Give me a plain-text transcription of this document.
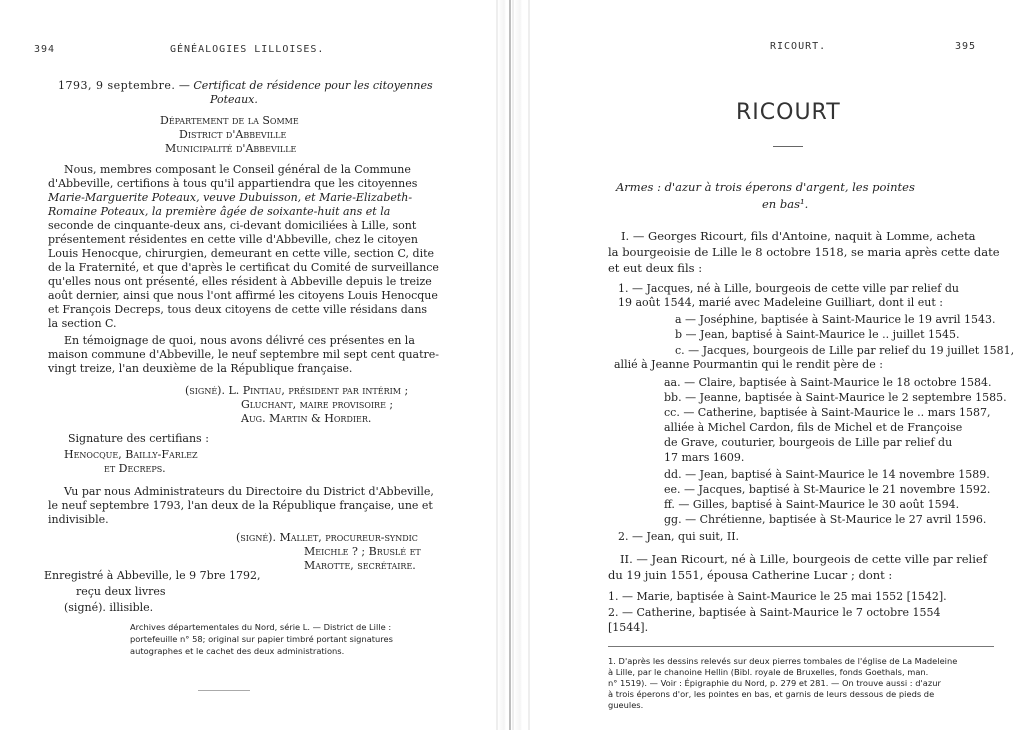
394	GÉNÉALOGIES LILLOISES.
1793, 9 septembre. — Certificat de résidence pour les citoyennes
Poteaux.
Département de la Somme
District d'Abbeville
Municipalité d'Abbeville
Nous, membres composant le Conseil général de la Commune
d'Abbeville, certifions à tous qu'il appartiendra que les citoyennes
Marie-Marguerite Poteaux, veuve Dubuisson, et Marie-Elizabeth-
Romaine Poteaux, la première âgée de soixante-huit ans et la
seconde de cinquante-deux ans, ci-devant domiciliées à Lille, sont
présentement résidentes en cette ville d'Abbeville, chez le citoyen
Louis Henocque, chirurgien, demeurant en cette ville, section C, dite
de la Fraternité, et que d'après le certificat du Comité de surveillance
qu'elles nous ont présenté, elles résident à Abbeville depuis le treize
août dernier, ainsi que nous l'ont affirmé les citoyens Louis Henocque
et François Decreps, tous deux citoyens de cette ville résidans dans
la section C.
En témoignage de quoi, nous avons délivré ces présentes en la
maison commune d'Abbeville, le neuf septembre mil sept cent quatre-
vingt treize, l'an deuxième de la République française.
(signé). L. Pintiau, président par intérim ;
Gluchant, maire provisoire ;
Aug. Martin & Hordier.
Signature des certifians :
Henocque, Bailly-Farlez
et Decreps.
Vu par nous Administrateurs du Directoire du District d'Abbeville,
le neuf septembre 1793, l'an deux de la République française, une et
indivisible.
(signé). Mallet, procureur-syndic
Meichle ? ; Bruslé et
Marotte, secrétaire.
Enregistré à Abbeville, le 9 7bre 1792,
reçu deux livres
(signé). illisible.
Archives départementales du Nord, série L. — District de Lille :
portefeuille n° 58; original sur papier timbré portant signatures
autographes et le cachet des deux administrations.
RICOURT.	395
RICOURT
Armes : d'azur à trois éperons d'argent, les pointes
en bas¹.
I. — Georges Ricourt, fils d'Antoine, naquit à Lomme, acheta
la bourgeoisie de Lille le 8 octobre 1518, se maria après cette date
et eut deux fils :
1. — Jacques, né à Lille, bourgeois de cette ville par relief du
19 août 1544, marié avec Madeleine Guilliart, dont il eut :
a — Joséphine, baptisée à Saint-Maurice le 19 avril 1543.
b — Jean, baptisé à Saint-Maurice le .. juillet 1545.
c. — Jacques, bourgeois de Lille par relief du 19 juillet 1581,
allié à Jeanne Pourmantin qui le rendit père de :
aa. — Claire, baptisée à Saint-Maurice le 18 octobre 1584.
bb. — Jeanne, baptisée à Saint-Maurice le 2 septembre 1585.
cc. — Catherine, baptisée à Saint-Maurice le .. mars 1587,
alliée à Michel Cardon, fils de Michel et de Françoise
de Grave, couturier, bourgeois de Lille par relief du
17 mars 1609.
dd. — Jean, baptisé à Saint-Maurice le 14 novembre 1589.
ee. — Jacques, baptisé à St-Maurice le 21 novembre 1592.
ff. — Gilles, baptisé à Saint-Maurice le 30 août 1594.
gg. — Chrétienne, baptisée à St-Maurice le 27 avril 1596.
2. — Jean, qui suit, II.
II. — Jean Ricourt, né à Lille, bourgeois de cette ville par relief
du 19 juin 1551, épousa Catherine Lucar ; dont :
1. — Marie, baptisée à Saint-Maurice le 25 mai 1552 [1542].
2. — Catherine, baptisée à Saint-Maurice le 7 octobre 1554
[1544].
1. D'après les dessins relevés sur deux pierres tombales de l'église de La Madeleine
à Lille, par le chanoine Hellin (Bibl. royale de Bruxelles, fonds Goethals, man.
n° 1519). — Voir : Épigraphie du Nord, p. 279 et 281. — On trouve aussi : d'azur
à trois éperons d'or, les pointes en bas, et garnis de leurs dessous de pieds de
gueules.
